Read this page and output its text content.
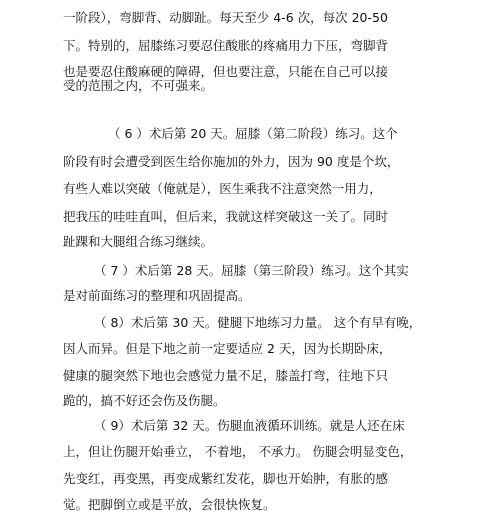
一阶段），弯脚背、动脚趾。每天至少 4-6 次，每次 20-50
下。特别的，屈膝练习要忍住酸胀的疼痛用力下压，弯脚背
也是要忍住酸麻硬的障碍，但也要注意，只能在自己可以接
受的范围之内，不可强来。
（ 6 ）术后第 20 天。屈膝（第二阶段）练习。这个
阶段有时会遭受到医生给你施加的外力，因为 90 度是个坎，
有些人难以突破（俺就是），医生乘我不注意突然一用力，
把我压的哇哇直叫，但后来，我就这样突破这一关了。同时
趾踝和大腿组合练习继续。
（ 7 ）术后第 28 天。屈膝（第三阶段）练习。这个其实
是对前面练习的整理和巩固提高。
（ 8）术后第 30 天。健腿下地练习力量。 这个有早有晚，
因人而异。但是下地之前一定要适应 2 天，因为长期卧床，
健康的腿突然下地也会感觉力量不足，膝盖打弯，往地下只
跪的，搞不好还会伤及伤腿。
（ 9）术后第 32 天。伤腿血液循环训练。就是人还在床
上，但让伤腿开始垂立， 不着地， 不承力。 伤腿会明显变色，
先变红，再变黑，再变成紫红发花，脚也开始肿，有胀的感
觉。把脚倒立或是平放，会很快恢复。
